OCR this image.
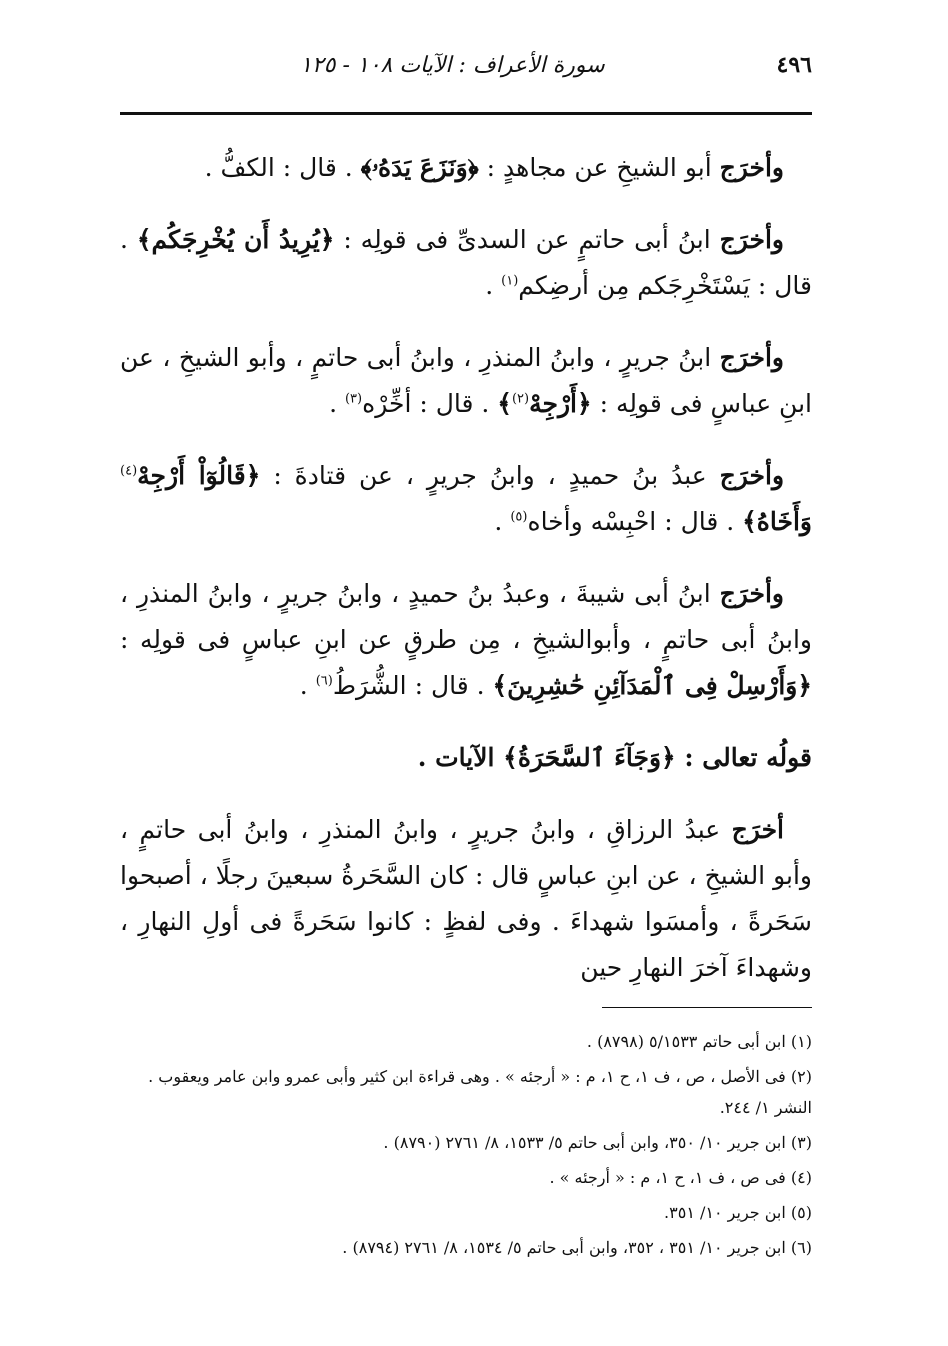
٤٩٦
سورة الأعراف : الآيات ١٠٨ - ١٢٥

وأخرَج أبو الشيخِ عن مجاهدٍ : ﴿وَنَزَعَ يَدَهُۥ﴾ . قال : الكفُّ .

وأخرَج ابنُ أبى حاتمٍ عن السدىِّ فى قولِه : ﴿يُرِيدُ أَن يُخْرِجَكُم﴾ . قال : يَسْتَخْرِجَكم مِن أرضِكم$^{(١)}$ .

وأخرَج ابنُ جريرٍ ، وابنُ المنذرِ ، وابنُ أبى حاتمٍ ، وأبو الشيخِ ، عن ابنِ عباسٍ فى قولِه : ﴿أَرْجِهْ$^{(٢)}$﴾ . قال : أخِّرْه$^{(٣)}$ .

وأخرَج عبدُ بنُ حميدٍ ، وابنُ جريرٍ ، عن قتادةَ : ﴿قَالُوٓاْ أَرْجِهْ$^{(٤)}$ وَأَخَاهُ﴾ . قال : احْبِسْه وأخاه$^{(٥)}$ .

وأخرَج ابنُ أبى شيبةَ ، وعبدُ بنُ حميدٍ ، وابنُ جريرٍ ، وابنُ المنذرِ ، وابنُ أبى حاتمٍ ، وأبوالشيخِ ، مِن طرقٍ عن ابنِ عباسٍ فى قولِه : ﴿وَأَرْسِلْ فِى ٱلْمَدَآئِنِ حَٰشِرِينَ﴾ . قال : الشُّرَطُ$^{(٦)}$ .

قولُه تعالى : ﴿وَجَآءَ ٱلسَّحَرَةُ﴾ الآيات .

أخرَج عبدُ الرزاقِ ، وابنُ جريرٍ ، وابنُ المنذرِ ، وابنُ أبى حاتمٍ ، وأبو الشيخِ ، عن ابنِ عباسٍ قال : كان السَّحَرةُ سبعينَ رجلًا ، أصبحوا سَحَرةً ، وأمسَوا شهداءَ . وفى لفظٍ : كانوا سَحَرةً فى أولِ النهارِ ، وشهداءَ آخرَ النهارِ حين

(١) ابن أبى حاتم ٥/١٥٣٣ (٨٧٩٨) .

(٢) فى الأصل ، ص ، ف ١، ح ١، م : « أرجئه » . وهى قراءة ابن كثير وأبى عمرو وابن عامر ويعقوب . النشر ١/ ٢٤٤.

(٣) ابن جرير ١٠/ ٣٥٠، وابن أبى حاتم ٥/ ١٥٣٣، ٨/ ٢٧٦١ (٨٧٩٠) .

(٤) فى ص ، ف ١، ح ١، م : « أرجئه » .

(٥) ابن جرير ١٠/ ٣٥١.

(٦) ابن جرير ١٠/ ٣٥١ ، ٣٥٢، وابن أبى حاتم ٥/ ١٥٣٤، ٨/ ٢٧٦١ (٨٧٩٤) .
